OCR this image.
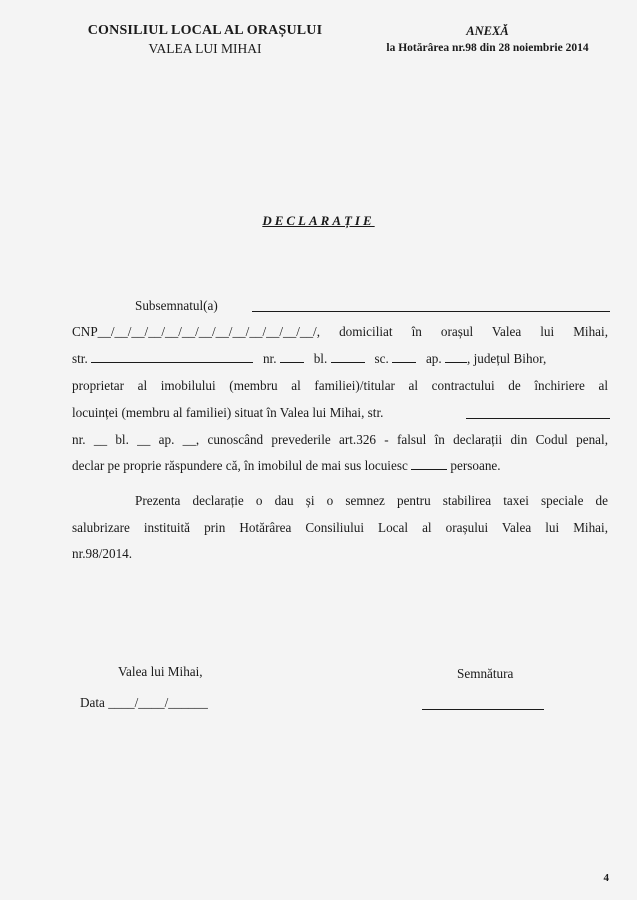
CONSILIUL LOCAL AL ORAȘULUI
VALEA LUI MIHAI
ANEXĂ
la Hotărârea nr.98 din 28 noiembrie 2014
DECLARAȚIE
Subsemnatul(a)
CNP__/__/__/__/__/__/__/__/__/__/__/__/__/, domiciliat în orașul Valea lui Mihai,
str.	nr.	bl.	sc.	ap. , județul Bihor,
proprietar al imobilului (membru al familiei)/titular al contractului de închiriere al
locuinței (membru al familiei) situat în Valea lui Mihai, str.
nr. __ bl. __ ap. __, cunoscând prevederile art.326 - falsul în declarații din Codul penal,
declar pe proprie răspundere că, în imobilul de mai sus locuiesc	persoane.
Prezenta declarație o dau și o semnez pentru stabilirea taxei speciale de
salubrizare instituită prin Hotărârea Consiliului Local al orașului Valea lui Mihai,
nr.98/2014.
Valea lui Mihai,
Data ____/____/______
Semnătura
4
